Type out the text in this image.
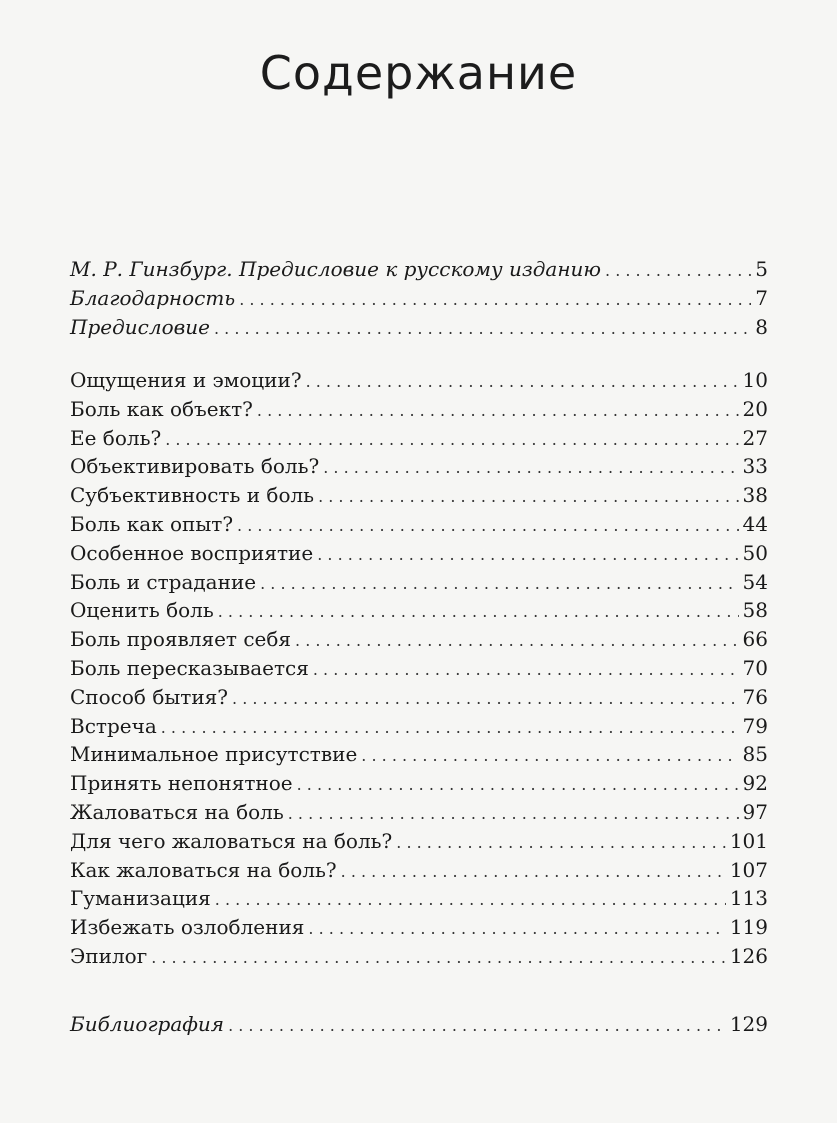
Содержание
М. Р. Гинзбург. Предисловие к русскому изданию . . .	5
Благодарность . . .	7
Предисловие . . .	8
Ощущения и эмоции? . . .	10
Боль как объект? . . .	20
Ее боль? . . .	27
Объективировать боль? . . .	33
Субъективность и боль . . .	38
Боль как опыт? . . .	44
Особенное восприятие . . .	50
Боль и страдание . . .	54
Оценить боль . . .	58
Боль проявляет себя . . .	66
Боль пересказывается . . .	70
Способ бытия? . . .	76
Встреча . . .	79
Минимальное присутствие . . .	85
Принять непонятное . . .	92
Жаловаться на боль . . .	97
Для чего жаловаться на боль? . . .	101
Как жаловаться на боль? . . .	107
Гуманизация . . .	113
Избежать озлобления . . .	119
Эпилог . . .	126
Библиография . . .	129
